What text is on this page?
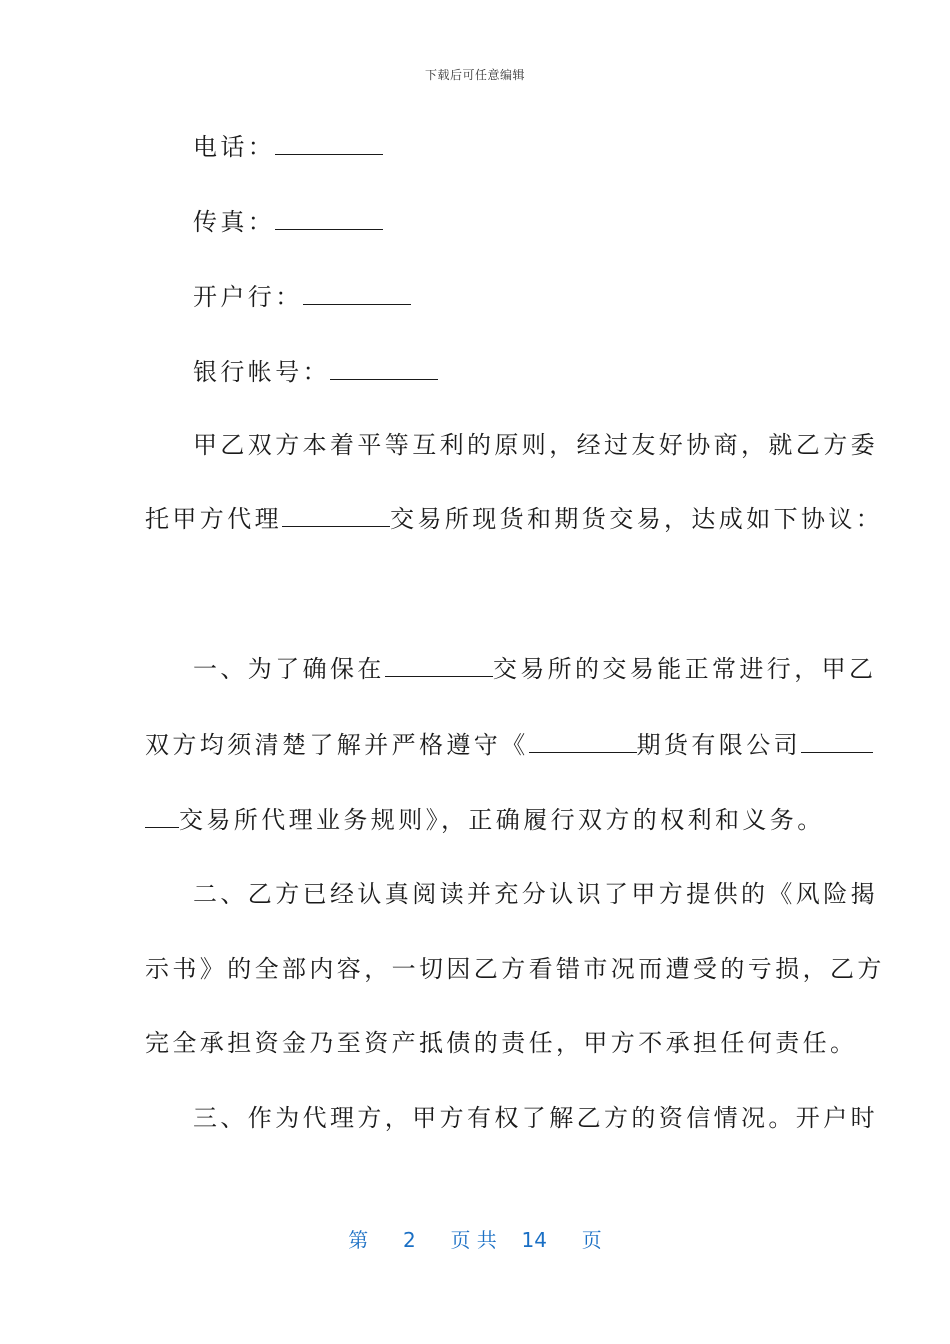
下载后可任意编辑
电话：
传真：
开户行：
银行帐号：
甲乙双方本着平等互利的原则，经过友好协商，就乙方委
托甲方代理	交易所现货和期货交易，达成如下协议：
一、为了确保在	交易所的交易能正常进行，甲乙
双方均须清楚了解并严格遵守《	期货有限公司
交易所代理业务规则》，正确履行双方的权利和义务。
二、乙方已经认真阅读并充分认识了甲方提供的《风险揭
示书》的全部内容，一切因乙方看错市况而遭受的亏损，乙方
完全承担资金乃至资产抵债的责任，甲方不承担任何责任。
三、作为代理方，甲方有权了解乙方的资信情况。开户时
第 2 页 共 14 页
